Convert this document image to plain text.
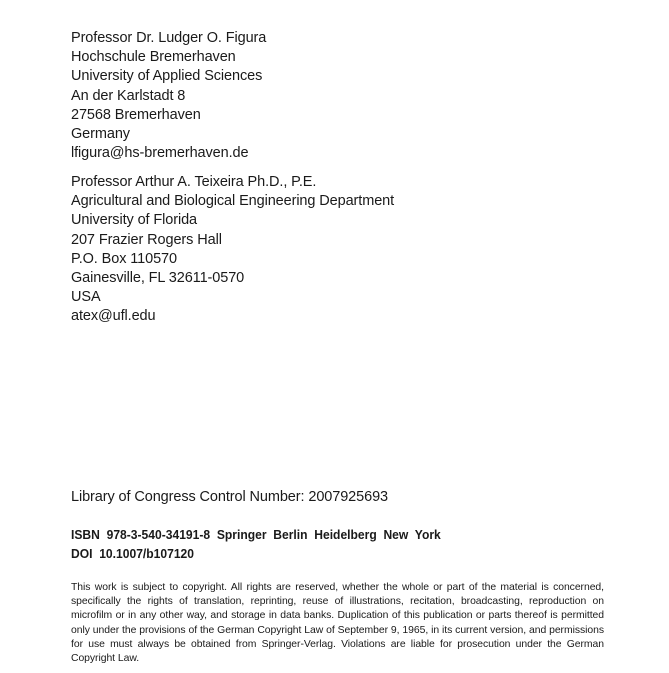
Professor Dr. Ludger O. Figura
Hochschule Bremerhaven
University of Applied Sciences
An der Karlstadt 8
27568 Bremerhaven
Germany
lfigura@hs-bremerhaven.de
Professor Arthur A. Teixeira Ph.D., P.E.
Agricultural and Biological Engineering Department
University of Florida
207 Frazier Rogers Hall
P.O. Box 110570
Gainesville, FL 32611-0570
USA
atex@ufl.edu
Library of Congress Control Number: 2007925693
ISBN  978-3-540-34191-8  Springer  Berlin  Heidelberg  New  York
DOI  10.1007/b107120
This work is subject to copyright. All rights are reserved, whether the whole or part of the material is concerned, specifically the rights of translation, reprinting, reuse of illustrations, recitation, broadcasting, reproduction on microfilm or in any other way, and storage in data banks. Duplication of this publication or parts thereof is permitted only under the provisions of the German Copyright Law of September 9, 1965, in its current version, and permissions for use must always be obtained from Springer-Verlag. Violations are liable for prosecution under the German Copyright Law.
